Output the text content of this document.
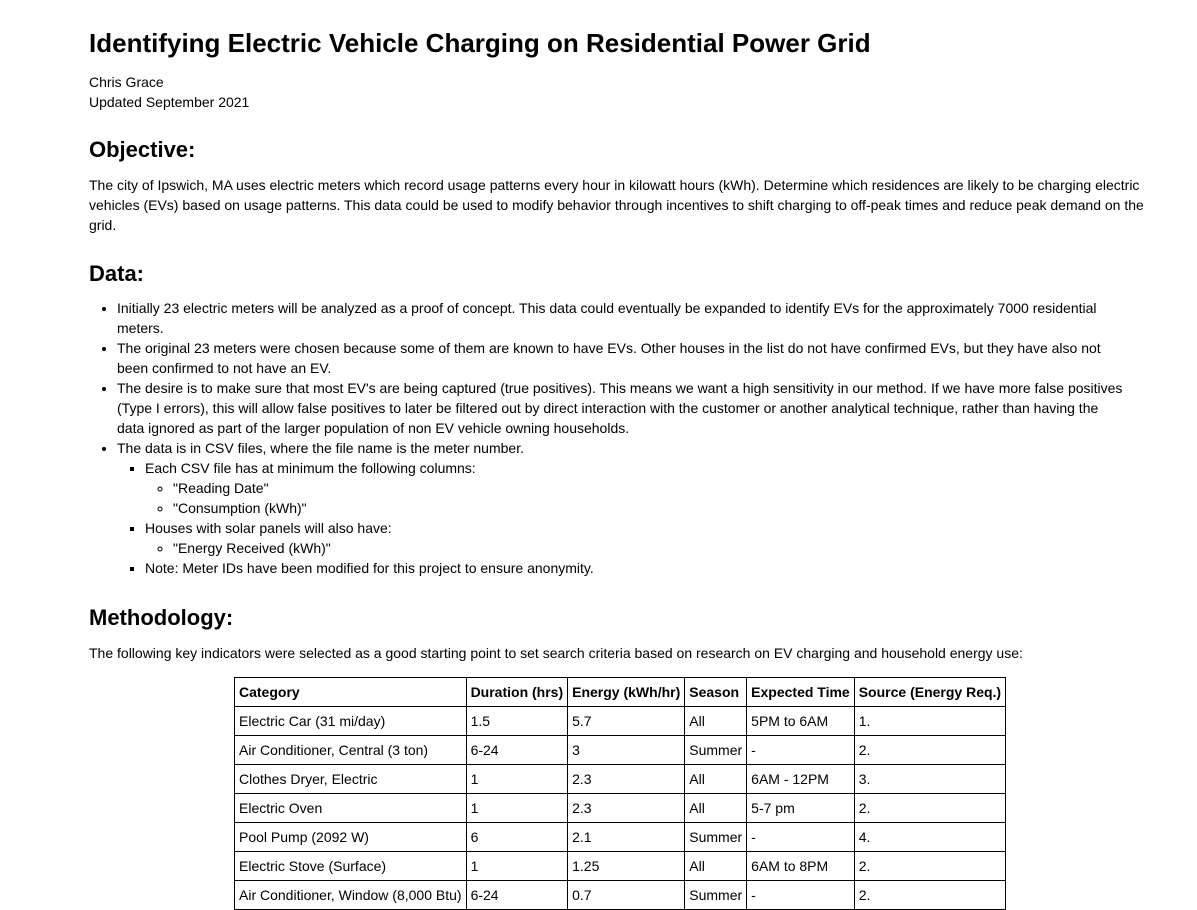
Identifying Electric Vehicle Charging on Residential Power Grid
Chris Grace
Updated September 2021
Objective:

The city of Ipswich, MA uses electric meters which record usage patterns every hour in kilowatt hours (kWh). Determine which residences are likely to be charging electric vehicles (EVs) based on usage patterns. This data could be used to modify behavior through incentives to shift charging to off-peak times and reduce peak demand on the grid.

Data:
• Initially 23 electric meters will be analyzed as a proof of concept. This data could eventually be expanded to identify EVs for the approximately 7000 residential meters.
• The original 23 meters were chosen because some of them are known to have EVs. Other houses in the list do not have confirmed EVs, but they have also not been confirmed to not have an EV.
• The desire is to make sure that most EV's are being captured (true positives). This means we want a high sensitivity in our method. If we have more false positives (Type I errors), this will allow false positives to later be filtered out by direct interaction with the customer or another analytical technique, rather than having the data ignored as part of the larger population of non EV vehicle owning households.
• The data is in CSV files, where the file name is the meter number.
▪ Each CSV file has at minimum the following columns:
◦ "Reading Date"
◦ "Consumption (kWh)"
▪ Houses with solar panels will also have:
◦ "Energy Received (kWh)"
▪ Note: Meter IDs have been modified for this project to ensure anonymity.
Methodology:

The following key indicators were selected as a good starting point to set search criteria based on research on EV charging and household energy use:

Category	Duration (hrs)	Energy (kWh/hr)	Season	Expected Time	Source (Energy Req.)
Electric Car (31 mi/day)	1.5	5.7	All	5PM to 6AM	1.
Air Conditioner, Central (3 ton)	6-24	3	Summer	-	2.
Clothes Dryer, Electric	1	2.3	All	6AM - 12PM	3.
Electric Oven	1	2.3	All	5-7 pm	2.
Pool Pump (2092 W)	6	2.1	Summer	-	4.
Electric Stove (Surface)	1	1.25	All	6AM to 8PM	2.
Air Conditioner, Window (8,000 Btu)	6-24	0.7	Summer	-	2.
